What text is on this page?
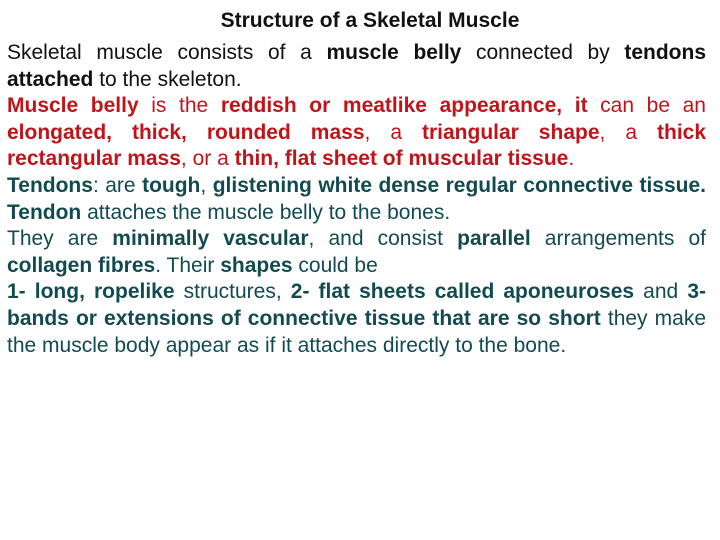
Structure of a Skeletal Muscle

Skeletal muscle consists of a muscle belly connected by tendons attached to the skeleton.

Muscle belly is the reddish or meatlike appearance, it can be an elongated, thick, rounded mass, a triangular shape, a thick rectangular mass, or a thin, flat sheet of muscular tissue.

Tendons: are tough, glistening white dense regular connective tissue. Tendon attaches the muscle belly to the bones.

They are minimally vascular, and consist parallel arrangements of collagen fibres. Their shapes could be

1- long, ropelike structures, 2- flat sheets called aponeuroses and 3- bands or extensions of connective tissue that are so short they make the muscle body appear as if it attaches directly to the bone.
